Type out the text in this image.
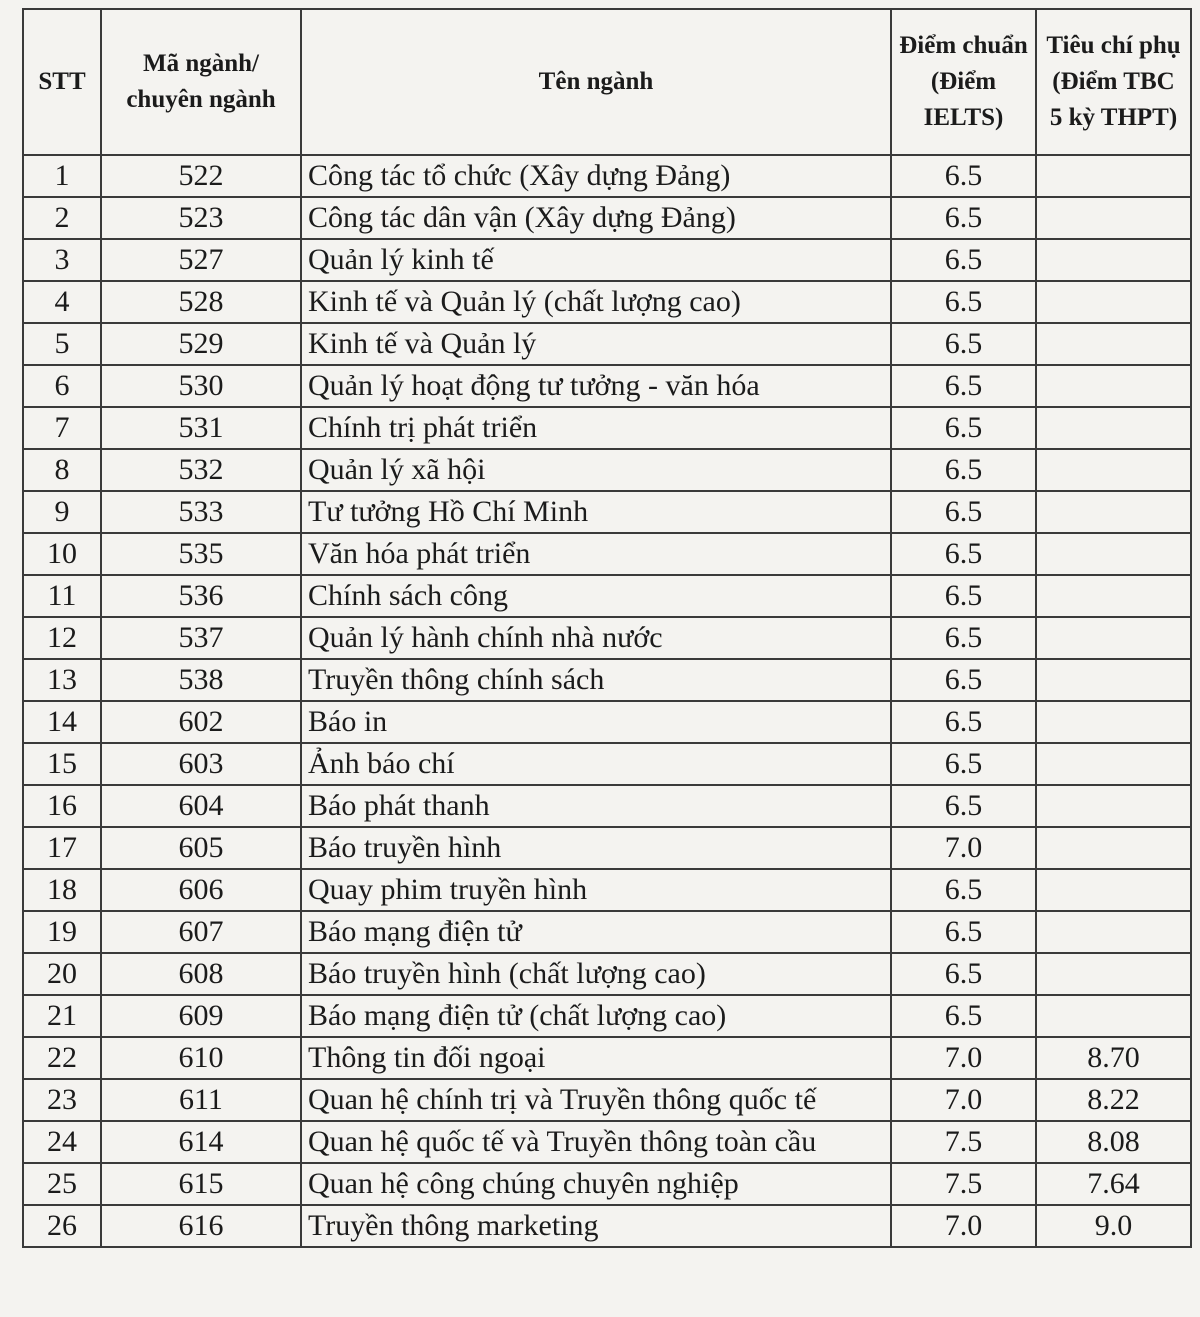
STT	Mã ngành/ chuyên ngành	Tên ngành	Điểm chuẩn (Điểm IELTS)	Tiêu chí phụ (Điểm TBC 5 kỳ THPT)
1	522	Công tác tổ chức (Xây dựng Đảng)	6.5	
2	523	Công tác dân vận (Xây dựng Đảng)	6.5	
3	527	Quản lý kinh tế	6.5	
4	528	Kinh tế và Quản lý (chất lượng cao)	6.5	
5	529	Kinh tế và Quản lý	6.5	
6	530	Quản lý hoạt động tư tưởng - văn hóa	6.5	
7	531	Chính trị phát triển	6.5	
8	532	Quản lý xã hội	6.5	
9	533	Tư tưởng Hồ Chí Minh	6.5	
10	535	Văn hóa phát triển	6.5	
11	536	Chính sách công	6.5	
12	537	Quản lý hành chính nhà nước	6.5	
13	538	Truyền thông chính sách	6.5	
14	602	Báo in	6.5	
15	603	Ảnh báo chí	6.5	
16	604	Báo phát thanh	6.5	
17	605	Báo truyền hình	7.0	
18	606	Quay phim truyền hình	6.5	
19	607	Báo mạng điện tử	6.5	
20	608	Báo truyền hình (chất lượng cao)	6.5	
21	609	Báo mạng điện tử (chất lượng cao)	6.5	
22	610	Thông tin đối ngoại	7.0	8.70
23	611	Quan hệ chính trị và Truyền thông quốc tế	7.0	8.22
24	614	Quan hệ quốc tế và Truyền thông toàn cầu	7.5	8.08
25	615	Quan hệ công chúng chuyên nghiệp	7.5	7.64
26	616	Truyền thông marketing	7.0	9.0
